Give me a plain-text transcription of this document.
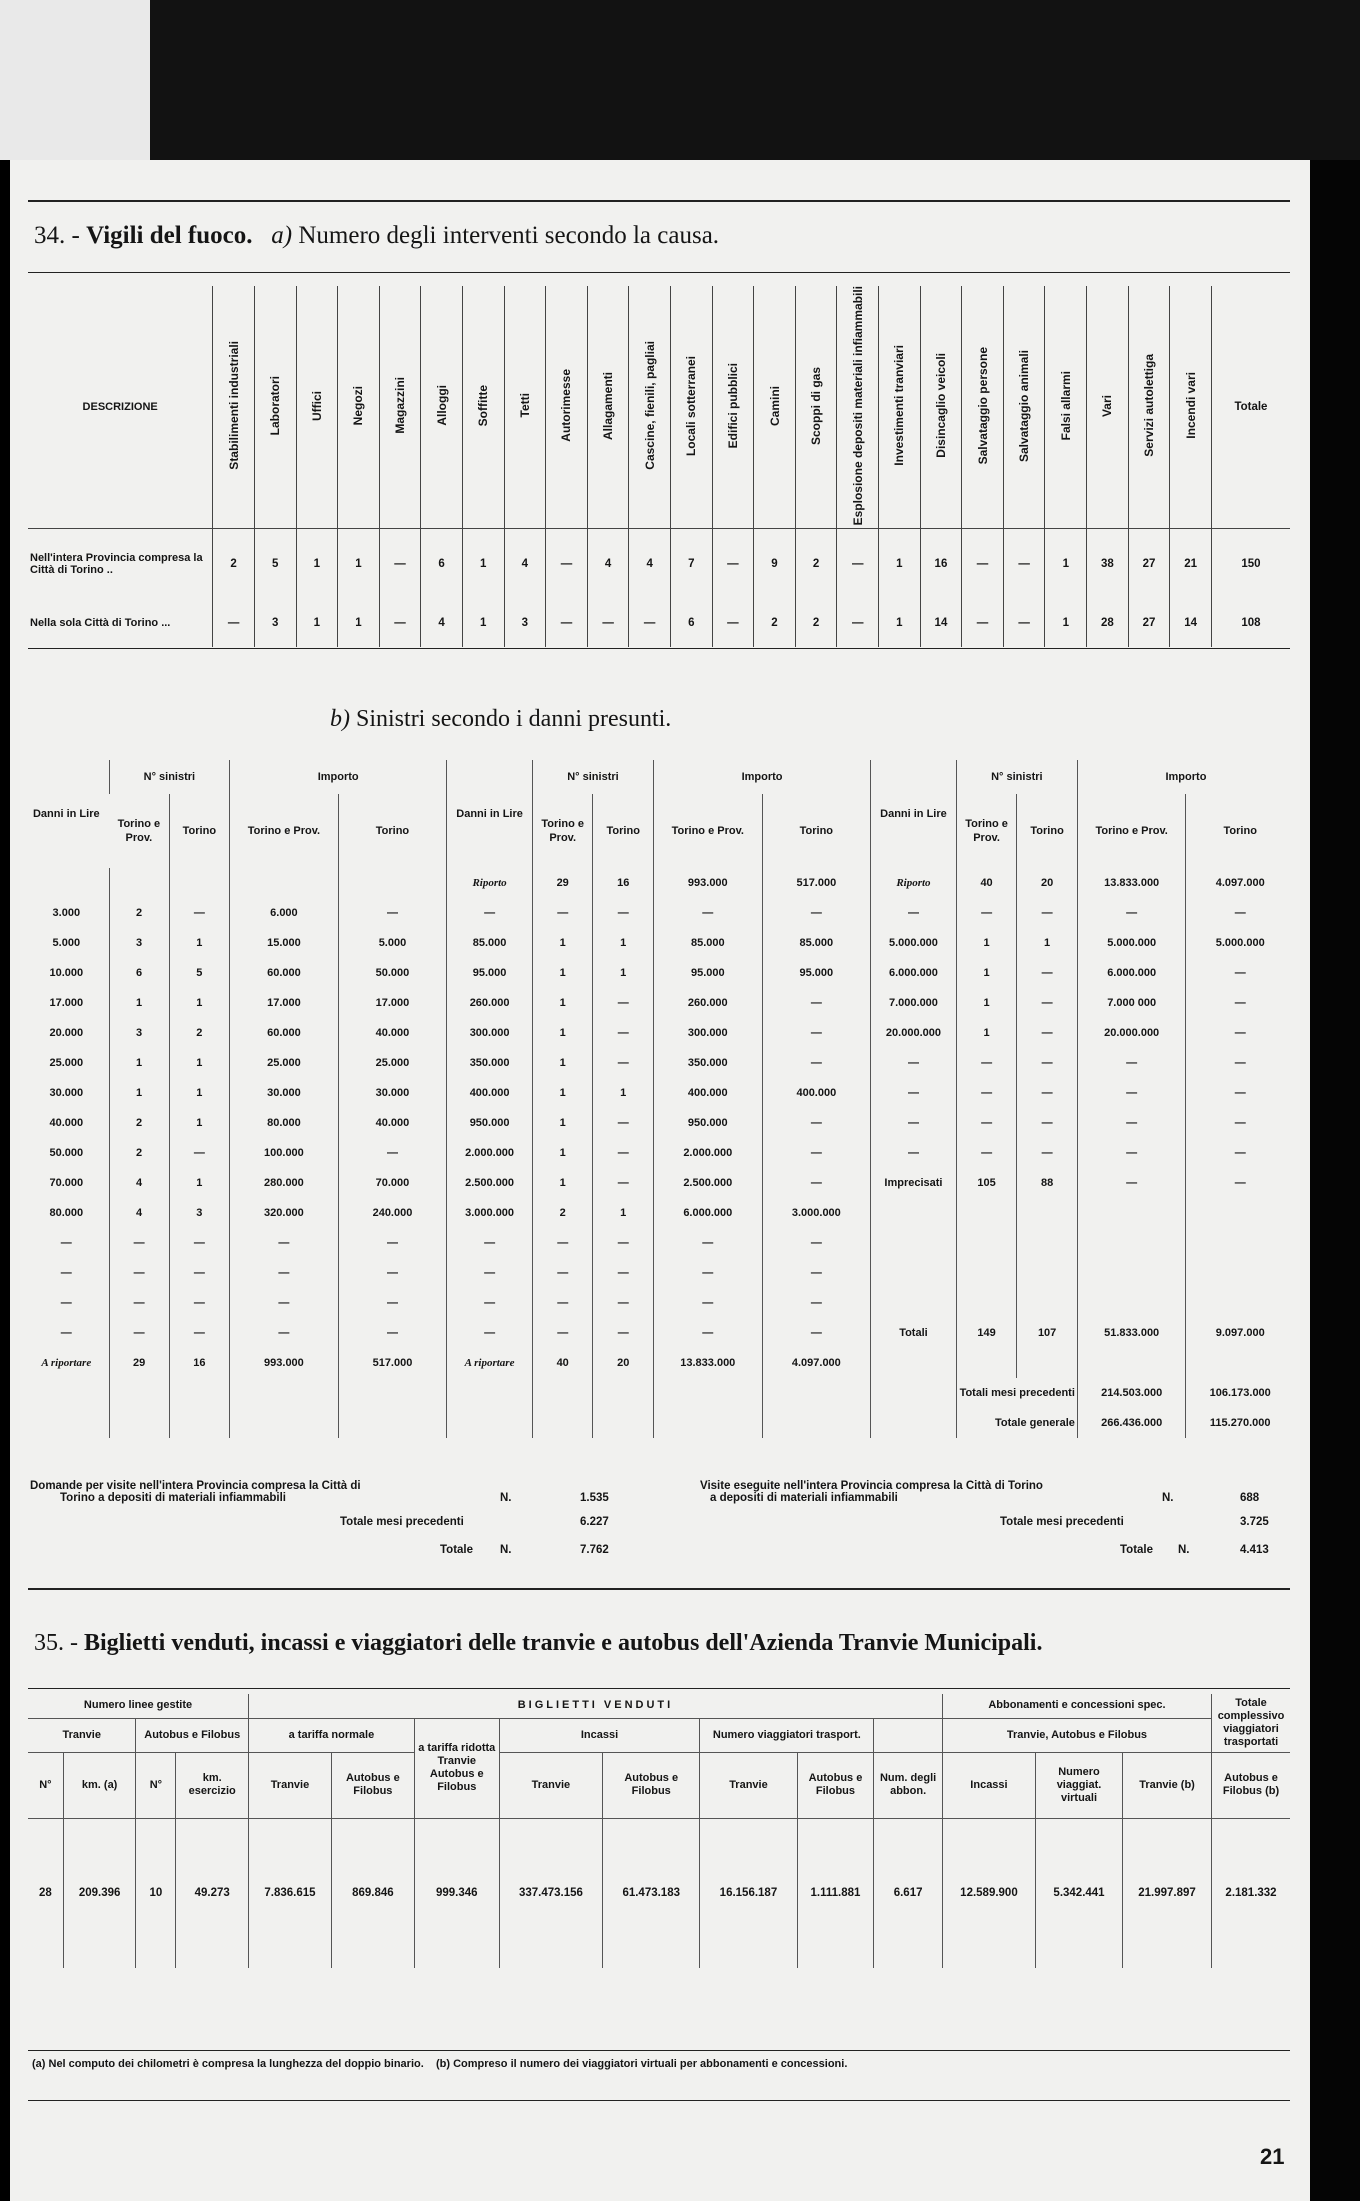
34. - Vigili del fuoco. a) Numero degli interventi secondo la causa.
DESCRIZIONE	Stabilimenti industriali	Laboratori	Uffici	Negozi	Magazzini	Alloggi	Soffitte	Tetti	Autorimesse	Allagamenti	Cascine, fienili, pagliai	Locali sotterranei	Edifici pubblici	Camini	Scoppi di gas	Esplosione depositi materiali infiammabili	Investimenti tranviari	Disincaglio veicoli	Salvataggio persone	Salvataggio animali	Falsi allarmi	Vari	Servizi autolettiga	Incendi vari	Totale
Nell'intera Provincia compresa la Città di Torino ..	2	5	1	1	—	6	1	4	—	4	4	7	—	9	2	—	1	16	—	—	1	38	27	21	150
Nella sola Città di Torino ...	—	3	1	1	—	4	1	3	—	—	—	6	—	2	2	—	1	14	—	—	1	28	27	14	108
b) Sinistri secondo i danni presunti.
Danni in Lire	N° sinistri		Importo		Danni in Lire	N° sinistri		Importo		Danni in Lire	N° sinistri		Importo	
	Torino e Prov.	Torino	Torino e Prov.	Torino		Torino e Prov.	Torino	Torino e Prov.	Torino		Torino e Prov.	Torino	Torino e Prov.	Torino
					Riporto	29	16	993.000	517.000	Riporto	40	20	13.833.000	4.097.000
3.000	2	—	6.000	—	—	—	—	—	—	—	—	—	—	—
5.000	3	1	15.000	5.000	85.000	1	1	85.000	85.000	5.000.000	1	1	5.000.000	5.000.000
10.000	6	5	60.000	50.000	95.000	1	1	95.000	95.000	6.000.000	1	—	6.000.000	—
17.000	1	1	17.000	17.000	260.000	1	—	260.000	—	7.000.000	1	—	7.000 000	—
20.000	3	2	60.000	40.000	300.000	1	—	300.000	—	20.000.000	1	—	20.000.000	—
25.000	1	1	25.000	25.000	350.000	1	—	350.000	—	—	—	—	—	—
30.000	1	1	30.000	30.000	400.000	1	1	400.000	400.000	—	—	—	—	—
40.000	2	1	80.000	40.000	950.000	1	—	950.000	—	—	—	—	—	—
50.000	2	—	100.000	—	2.000.000	1	—	2.000.000	—	—	—	—	—	—
70.000	4	1	280.000	70.000	2.500.000	1	—	2.500.000	—	Imprecisati	105	88	—	—
80.000	4	3	320.000	240.000	3.000.000	2	1	6.000.000	3.000.000					
—	—	—	—	—	—	—	—	—	—					
—	—	—	—	—	—	—	—	—	—					
—	—	—	—	—	—	—	—	—	—					
—	—	—	—	—	—	—	—	—	—	Totali	149	107	51.833.000	9.097.000
A riportare	29	16	993.000	517.000	A riportare	40	20	13.833.000	4.097.000					
											Totali mesi precedenti		214.503.000	106.173.000
											Totale generale		266.436.000	115.270.000
Domande per visite nell'intera Provincia compresa la Città di
Torino a depositi di materiali infiammabili	N.	1.535
Totale mesi precedenti	6.227
Totale N.	7.762
Visite eseguite nell'intera Provincia compresa la Città di Torino
a depositi di materiali infiammabili	N.	688
Totale mesi precedenti	3.725
Totale N.	4.413
35. - Biglietti venduti, incassi e viaggiatori delle tranvie e autobus dell'Azienda Tranvie Municipali.
Numero linee gestite				BIGLIETTI VENDUTI								Abbonamenti e concessioni spec.			Totale complessivo viaggiatori trasportati
Tranvie		Autobus e Filobus		a tariffa normale		a tariffa ridotta Tranvie Autobus e Filobus	Incassi		Numero viaggiatori trasport.			Tranvie, Autobus e Filobus			
N°	km. (a)	N°	km. esercizio	Tranvie	Autobus e Filobus		Tranvie	Autobus e Filobus	Tranvie	Autobus e Filobus	Num. degli abbon.	Incassi	Numero viaggiat. virtuali	Tranvie (b)	Autobus e Filobus (b)
28	209.396	10	49.273	7.836.615	869.846	999.346	337.473.156	61.473.183	16.156.187	1.111.881	6.617	12.589.900	5.342.441	21.997.897	2.181.332
(a) Nel computo dei chilometri è compresa la lunghezza del doppio binario. (b) Compreso il numero dei viaggiatori virtuali per abbonamenti e concessioni.
21
